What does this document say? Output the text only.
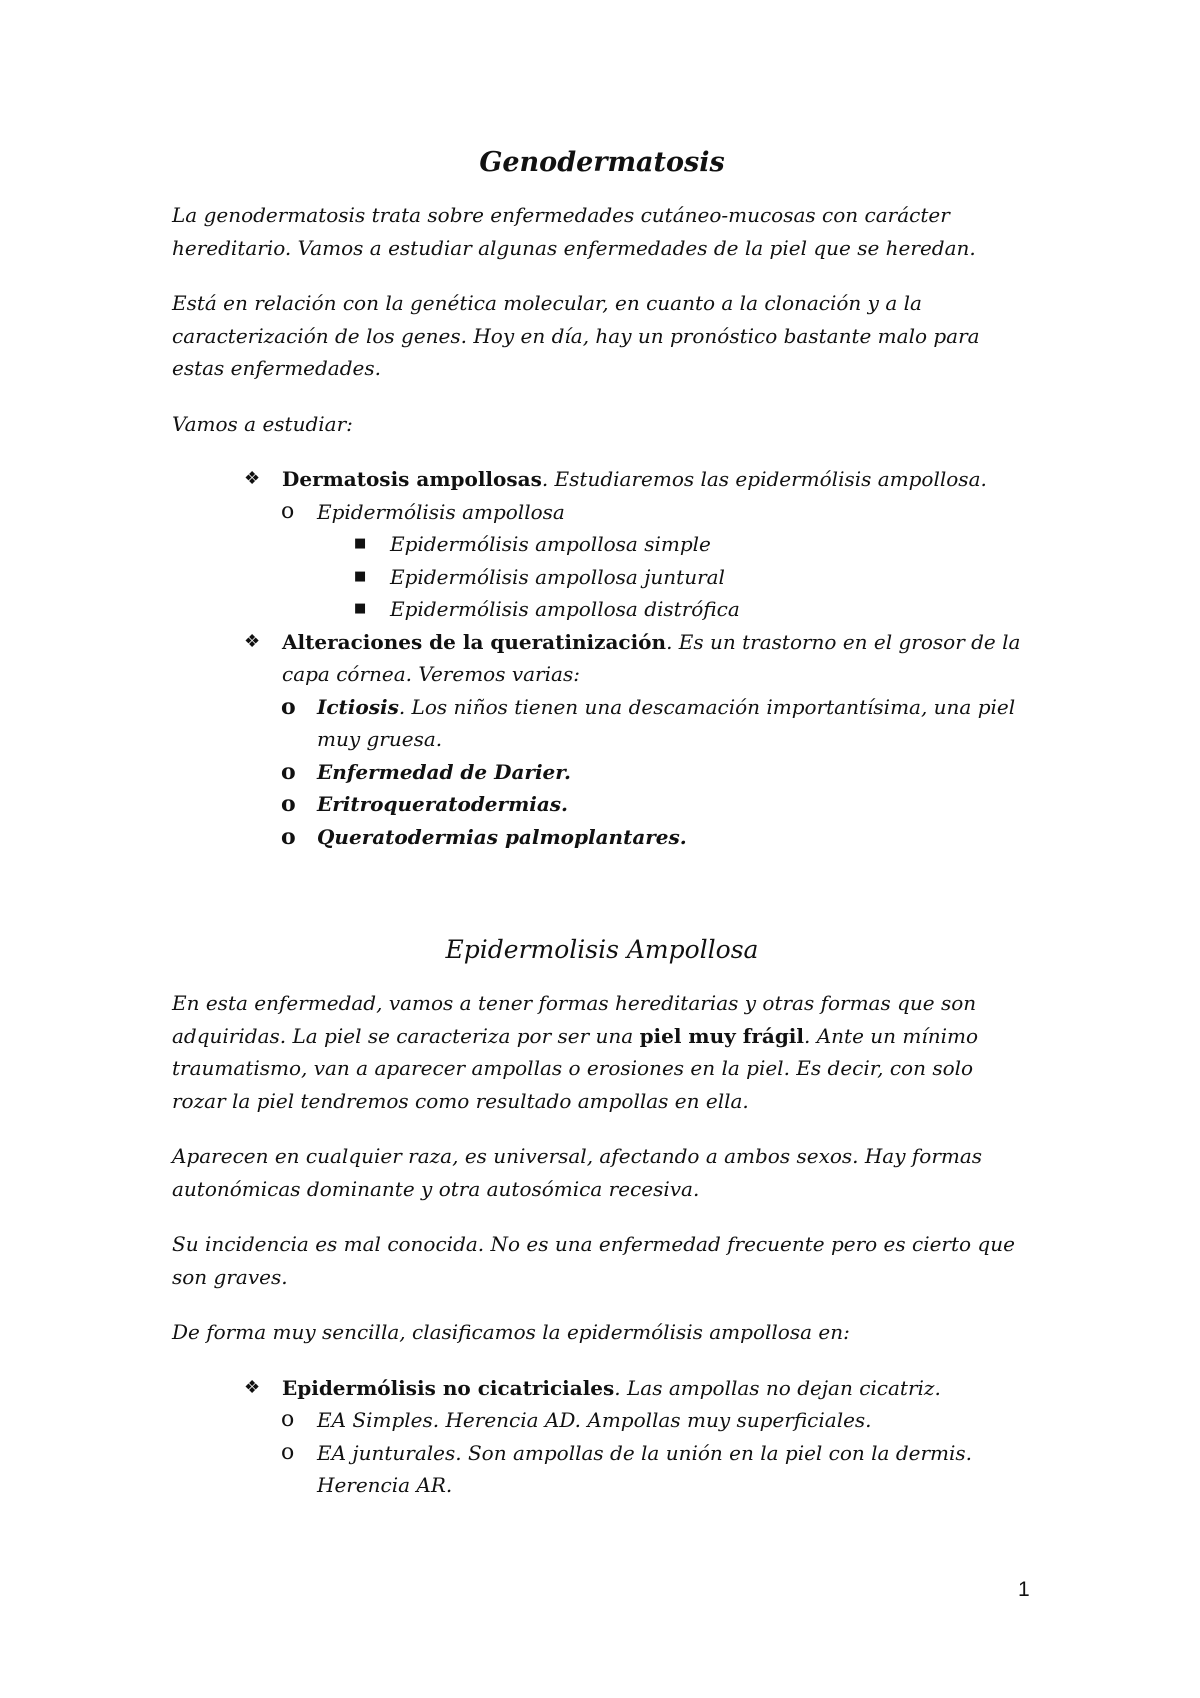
Genodermatosis

La genodermatosis trata sobre enfermedades cutáneo-mucosas con carácter hereditario. Vamos a estudiar algunas enfermedades de la piel que se heredan.

Está en relación con la genética molecular, en cuanto a la clonación y a la caracterización de los genes. Hoy en día, hay un pronóstico bastante malo para estas enfermedades.

Vamos a estudiar:

❖ Dermatosis ampollosas. Estudiaremos las epidermólisis ampollosa.
o Epidermólisis ampollosa
■ Epidermólisis ampollosa simple
■ Epidermólisis ampollosa juntural
■ Epidermólisis ampollosa distrófica
❖ Alteraciones de la queratinización. Es un trastorno en el grosor de la capa córnea. Veremos varias:
o Ictiosis. Los niños tienen una descamación importantísima, una piel muy gruesa.
o Enfermedad de Darier.
o Eritroqueratodermias.
o Queratodermias palmoplantares.

Epidermolisis Ampollosa

En esta enfermedad, vamos a tener formas hereditarias y otras formas que son adquiridas. La piel se caracteriza por ser una piel muy frágil. Ante un mínimo traumatismo, van a aparecer ampollas o erosiones en la piel. Es decir, con solo rozar la piel tendremos como resultado ampollas en ella.

Aparecen en cualquier raza, es universal, afectando a ambos sexos. Hay formas autonómicas dominante y otra autosómica recesiva.

Su incidencia es mal conocida. No es una enfermedad frecuente pero es cierto que son graves.

De forma muy sencilla, clasificamos la epidermólisis ampollosa en:

❖ Epidermólisis no cicatriciales. Las ampollas no dejan cicatriz.
o EA Simples. Herencia AD. Ampollas muy superficiales.
o EA junturales. Son ampollas de la unión en la piel con la dermis. Herencia AR.
1
